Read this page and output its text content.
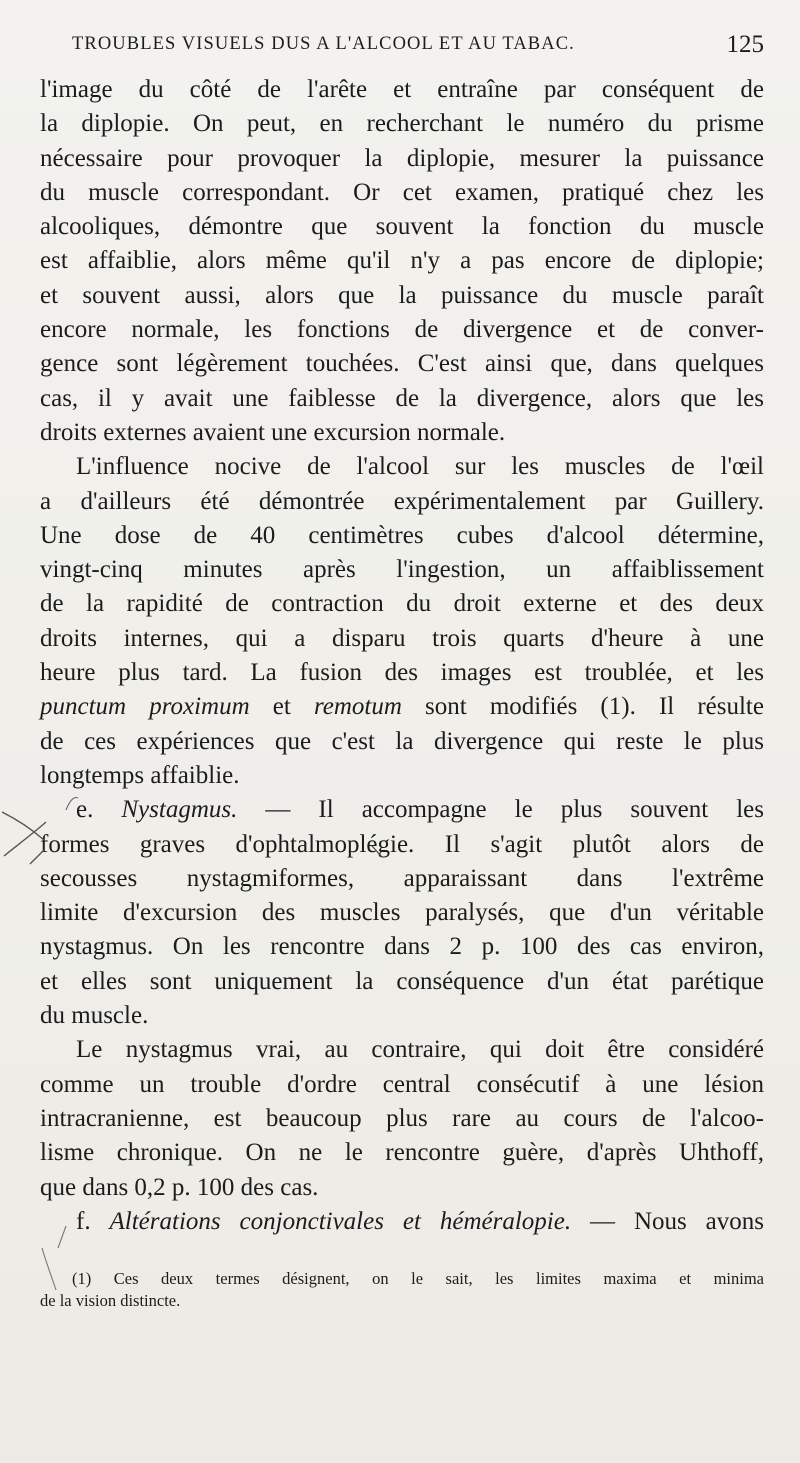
TROUBLES VISUELS DUS A L'ALCOOL ET AU TABAC.	125
l'image du côté de l'arête et entraîne par conséquent de
la diplopie. On peut, en recherchant le numéro du prisme
nécessaire pour provoquer la diplopie, mesurer la puissance
du muscle correspondant. Or cet examen, pratiqué chez les
alcooliques, démontre que souvent la fonction du muscle
est affaiblie, alors même qu'il n'y a pas encore de diplopie;
et souvent aussi, alors que la puissance du muscle paraît
encore normale, les fonctions de divergence et de conver-
gence sont légèrement touchées. C'est ainsi que, dans quelques
cas, il y avait une faiblesse de la divergence, alors que les
droits externes avaient une excursion normale.
L'influence nocive de l'alcool sur les muscles de l'œil
a d'ailleurs été démontrée expérimentalement par Guillery.
Une dose de 40 centimètres cubes d'alcool détermine,
vingt-cinq minutes après l'ingestion, un affaiblissement
de la rapidité de contraction du droit externe et des deux
droits internes, qui a disparu trois quarts d'heure à une
heure plus tard. La fusion des images est troublée, et les
punctum proximum et remotum sont modifiés (1). Il résulte
de ces expériences que c'est la divergence qui reste le plus
longtemps affaiblie.
e. Nystagmus. — Il accompagne le plus souvent les
formes graves d'ophtalmoplégie. Il s'agit plutôt alors de
secousses nystagmiformes, apparaissant dans l'extrême
limite d'excursion des muscles paralysés, que d'un véritable
nystagmus. On les rencontre dans 2 p. 100 des cas environ,
et elles sont uniquement la conséquence d'un état parétique
du muscle.
Le nystagmus vrai, au contraire, qui doit être considéré
comme un trouble d'ordre central consécutif à une lésion
intracranienne, est beaucoup plus rare au cours de l'alcoo-
lisme chronique. On ne le rencontre guère, d'après Uhthoff,
que dans 0,2 p. 100 des cas.
f. Altérations conjonctivales et héméralopie. — Nous avons
(1) Ces deux termes désignent, on le sait, les limites maxima et minima
de la vision distincte.
